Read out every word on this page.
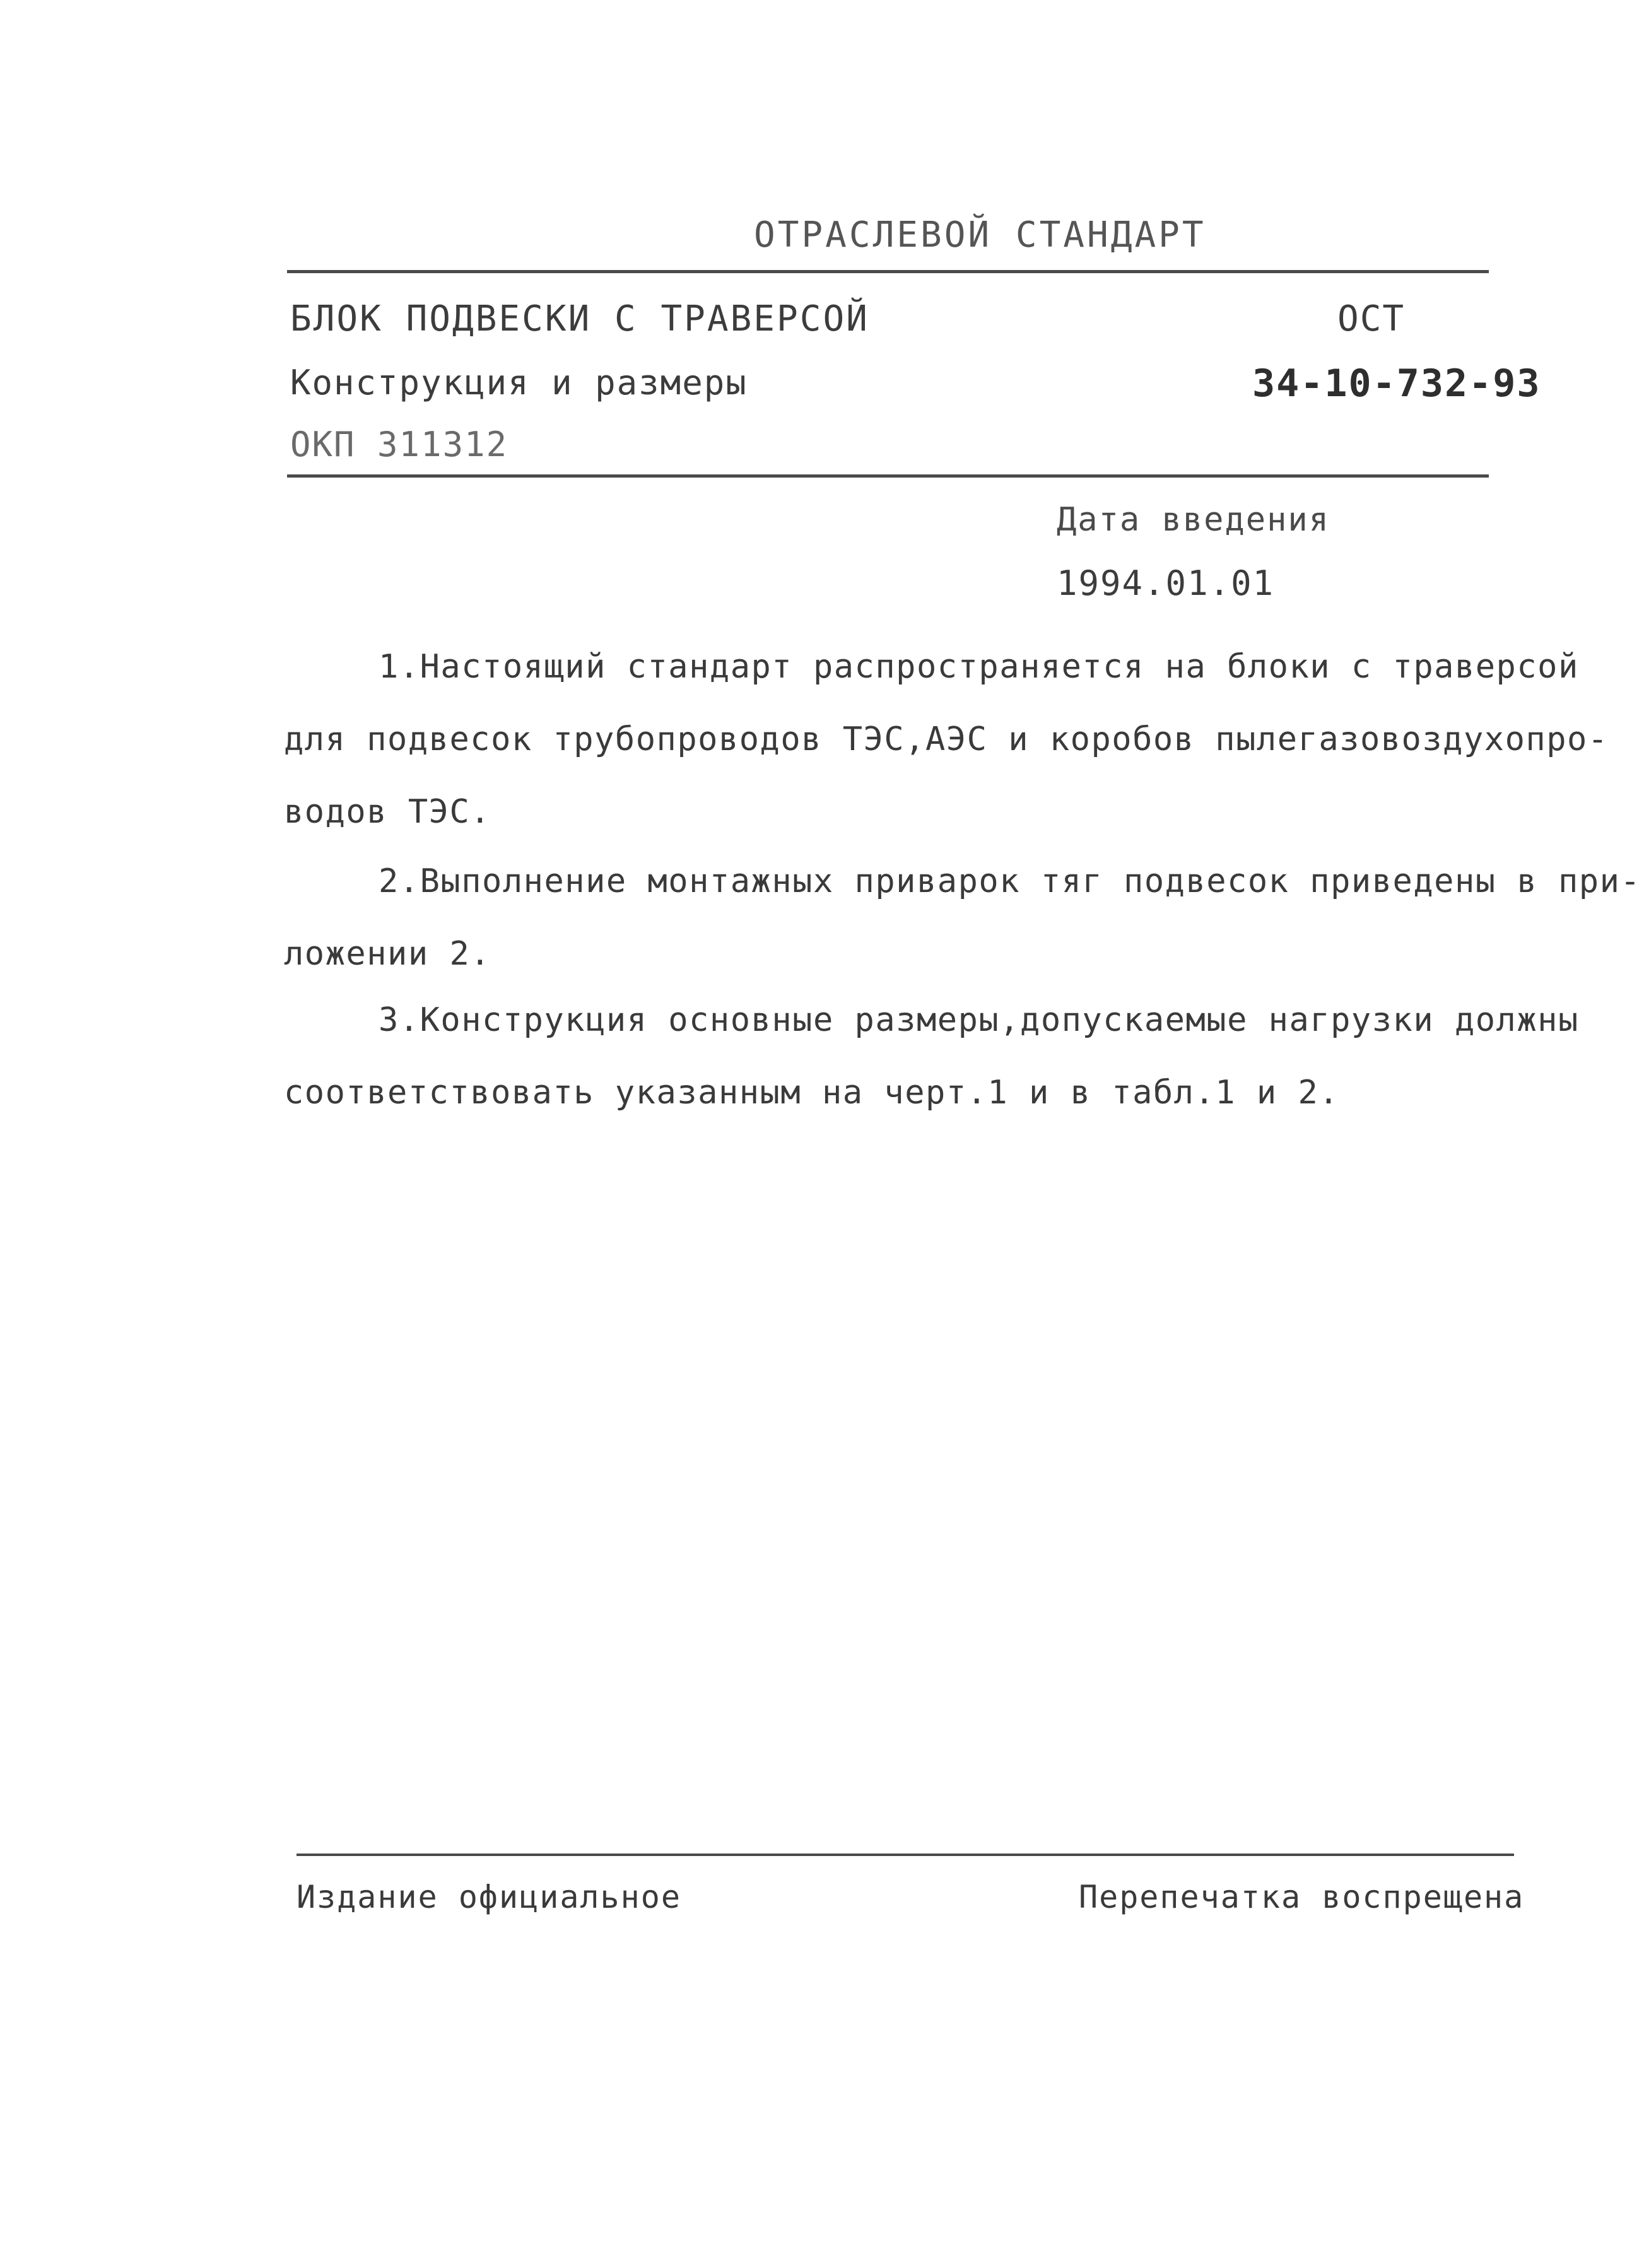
ОТРАСЛЕВОЙ СТАНДАРТ
БЛОК ПОДВЕСКИ С ТРАВЕРСОЙ
Конструкция и размеры
ОКП 311312
ОСТ
34-10-732-93
Дата введения
1994.01.01
1.Настоящий стандарт распространяется на блоки с траверсой
для подвесок трубопроводов ТЭС,АЭС и коробов пылегазовоздухопро-
водов ТЭС.
2.Выполнение монтажных приварок тяг подвесок приведены в при-
ложении 2.
3.Конструкция основные размеры,допускаемые нагрузки должны
соответствовать указанным на черт.1 и в табл.1 и 2.
Издание официальное	Перепечатка воспрещена
